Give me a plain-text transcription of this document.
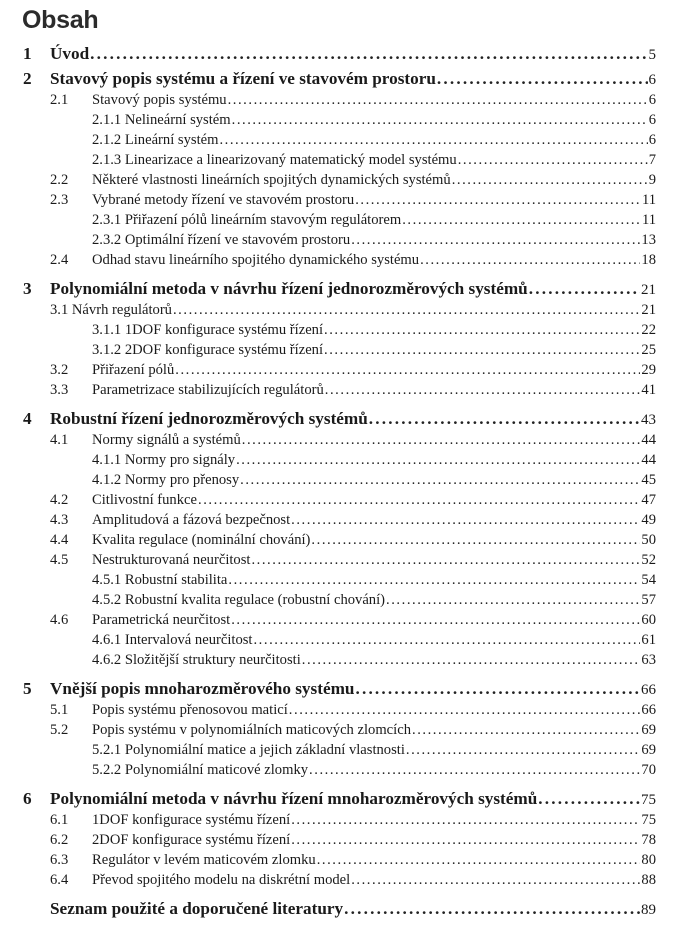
Obsah
1 Úvod . . .	5
2 Stavový popis systému a řízení ve stavovém prostoru . . .	6
2.1 Stavový popis systému . . .	6
2.1.1 Nelineární systém . . .	6
2.1.2 Lineární systém . . .	6
2.1.3 Linearizace a linearizovaný matematický model systému . . .	7
2.2 Některé vlastnosti lineárních spojitých dynamických systémů . . .	9
2.3 Vybrané metody řízení ve stavovém prostoru . . .	11
2.3.1 Přiřazení pólů lineárním stavovým regulátorem . . .	11
2.3.2 Optimální řízení ve stavovém prostoru . . .	13
2.4 Odhad stavu lineárního spojitého dynamického systému . . .	18
3 Polynomiální metoda v návrhu řízení jednorozměrových systémů . . .	21
3.1 Návrh regulátorů . . .	21
3.1.1 1DOF konfigurace systému řízení . . .	22
3.1.2 2DOF konfigurace systému řízení . . .	25
3.2 Přiřazení pólů . . .	29
3.3 Parametrizace stabilizujících regulátorů . . .	41
4 Robustní řízení jednorozměrových systémů . . .	43
4.1 Normy signálů a systémů . . .	44
4.1.1 Normy pro signály . . .	44
4.1.2 Normy pro přenosy . . .	45
4.2 Citlivostní funkce . . .	47
4.3 Amplitudová a fázová bezpečnost . . .	49
4.4 Kvalita regulace (nominální chování) . . .	50
4.5 Nestrukturovaná neurčitost . . .	52
4.5.1 Robustní stabilita . . .	54
4.5.2 Robustní kvalita regulace (robustní chování) . . .	57
4.6 Parametrická neurčitost . . .	60
4.6.1 Intervalová neurčitost . . .	61
4.6.2 Složitější struktury neurčitosti . . .	63
5 Vnější popis mnoharozměrového systému . . .	66
5.1 Popis systému přenosovou maticí . . .	66
5.2 Popis systému v polynomiálních maticových zlomcích . . .	69
5.2.1 Polynomiální matice a jejich základní vlastnosti . . .	69
5.2.2 Polynomiální maticové zlomky . . .	70
6 Polynomiální metoda v návrhu řízení mnoharozměrových systémů . . .	75
6.1 1DOF konfigurace systému řízení . . .	75
6.2 2DOF konfigurace systému řízení . . .	78
6.3 Regulátor v levém maticovém zlomku . . .	80
6.4 Převod spojitého modelu na diskrétní model . . .	88
Seznam použité a doporučené literatury . . .	89
